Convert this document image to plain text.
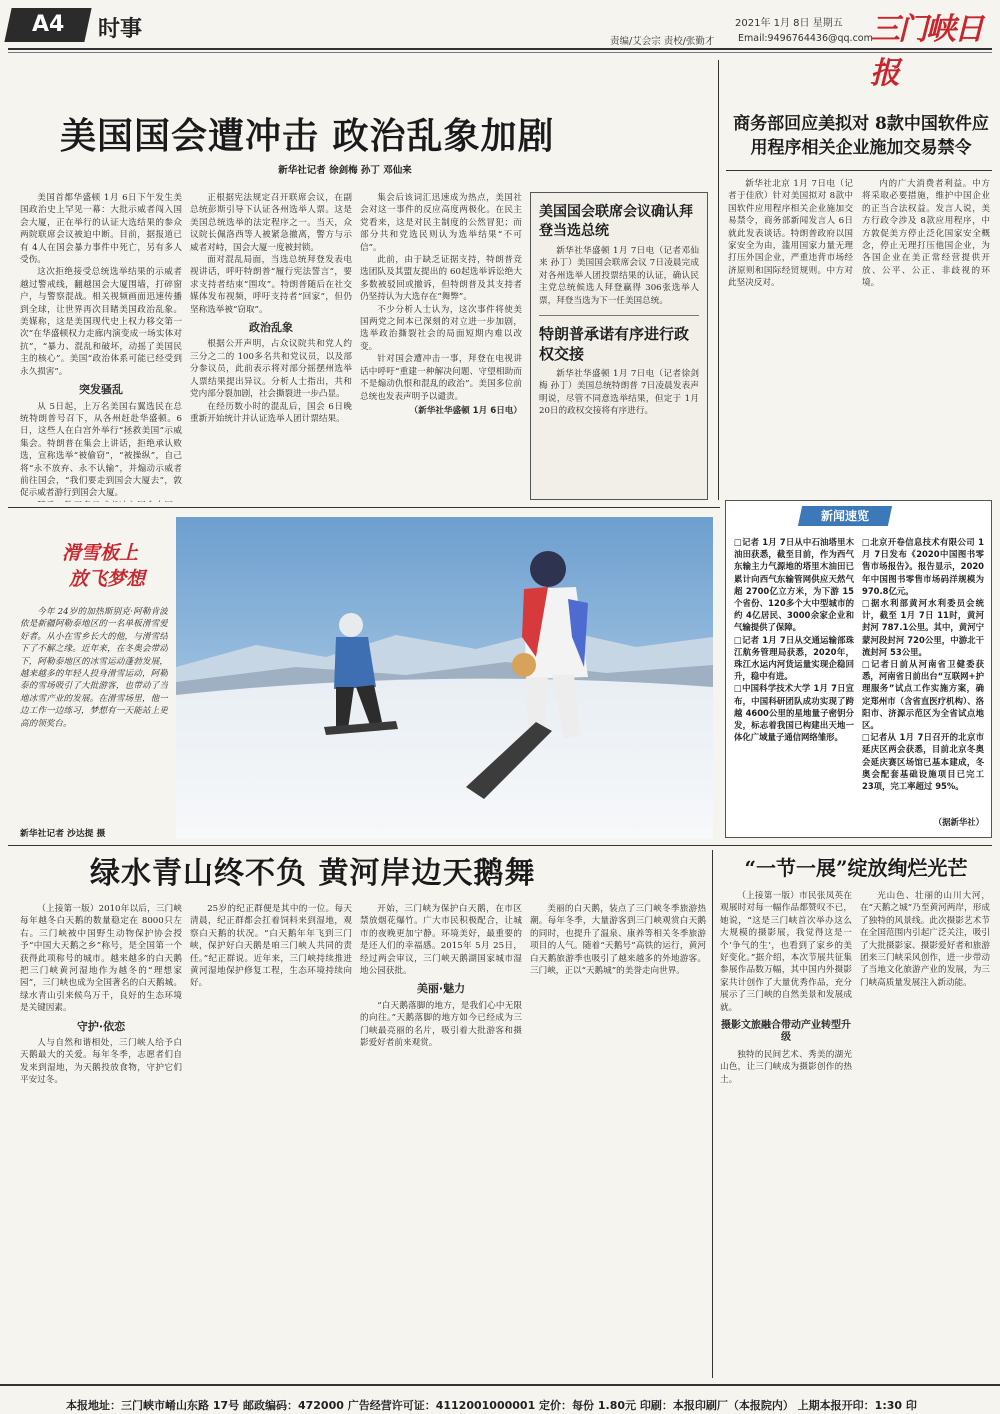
A4	时事	2021年 1月 8日 星期五
责编/艾会宗 责校/张勤才 Email:9496764436@qq.com
三门峡日报
美国国会遭冲击 政治乱象加剧
新华社记者 徐剑梅 孙丁 邓仙来

美国首都华盛顿 1月 6日下午发生美国政治史上罕见一幕：大批示威者闯入国会大厦，正在举行的认证大选结果的参众两院联席会议被迫中断。目前，据报道已有 4人在国会暴力事件中死亡，另有多人受伤。

这次拒绝接受总统选举结果的示威者越过警戒线，翻越国会大厦围墙，打碎窗户，与警察混战。相关视频画面迅速传播到全球，让世界再次目睹美国政治乱象。美媒称，这是美国现代史上权力移交第一次“在华盛顿权力走廊内演变成一场实体对抗”，“暴力、混乱和破坏，动摇了美国民主的核心”。美国“政治体系可能已经受到永久损害”。

突发骚乱

从 5日起，上万名美国右翼选民在总统特朗普号召下，从各州赶赴华盛顿。6日，这些人在白宫外举行“拯救美国”示威集会。特朗普在集会上讲话，拒绝承认败选，宣称选举“被偷窃”，“被操纵”，自己将“永不放弃、永不认输”，并煽动示威者前往国会，“我们要走到国会大厦去”，敦促示威者游行到国会大厦。

正根据宪法规定召开联席会议，在副总统彭斯引导下认证各州选举人票。这是美国总统选举的法定程序之一。当天，众议院长佩洛西等人被紧急撤离，警方与示威者对峙，国会大厦一度被封锁。

面对混乱局面，当选总统拜登发表电视讲话，呼吁特朗普“履行宪法誓言”，要求支持者结束“围攻”。特朗普随后在社交媒体发布视频，呼吁支持者“回家”，但仍坚称选举被“窃取”。

政治乱象

根据公开声明，占众议院共和党人约三分之二的 100多名共和党议员，以及部分参议员，此前表示将对部分摇摆州选举人票结果提出异议。分析人士指出，共和党内部分裂加剧，社会撕裂进一步凸显。

在经历数小时的混乱后，国会 6日晚重新开始统计并认证选举人团计票结果。

集会后该词汇迅速成为热点，美国社会对这一事件的反应高度两极化。在民主党看来，这是对民主制度的公然冒犯；而部分共和党选民则认为选举结果“不可信”。

此前，由于缺乏证据支持，特朗普竞选团队及其盟友提出的 60起选举诉讼绝大多数被驳回或撤诉，但特朗普及其支持者仍坚持认为大选存在“舞弊”。

不少分析人士认为，这次事件将使美国两党之间本已深刻的对立进一步加剧，选举政治撕裂社会的局面短期内难以改变。

针对国会遭冲击一事，拜登在电视讲话中呼吁“重建一种解决问题、守望相助而不是煽动仇恨和混乱的政治”。美国多位前总统也发表声明予以谴责。

（新华社华盛顿 1月 6日电）
美国国会联席会议确认拜登当选总统
新华社华盛顿 1月 7日电（记者邓仙来 孙丁）美国国会联席会议 7日凌晨完成对各州选举人团投票结果的认证，确认民主党总统候选人拜登赢得 306张选举人票，拜登当选为下一任美国总统。
特朗普承诺有序进行政权交接
新华社华盛顿 1月 7日电（记者徐剑梅 孙丁）美国总统特朗普 7日凌晨发表声明说，尽管不同意选举结果，但定于 1月 20日的政权交接将有序进行。
商务部回应美拟对 8款中国软件应用程序相关企业施加交易禁令
新华社北京 1月 7日电（记者于佳欣）针对美国拟对 8款中国软件应用程序相关企业施加交易禁令，商务部新闻发言人 6日就此发表谈话。特朗普政府以国家安全为由，滥用国家力量无理打压外国企业，严重违背市场经济原则和国际经贸规则。中方对此坚决反对。
内的广大消费者利益。中方将采取必要措施，维护中国企业的正当合法权益。发言人说，美方行政令涉及 8款应用程序，中方敦促美方停止泛化国家安全概念，停止无理打压他国企业，为各国企业在美正常经营提供开放、公平、公正、非歧视的环境。
滑雪板上
放飞梦想
今年 24岁的加热斯别克·阿勒肯波依是新疆阿勒泰地区的一名单板滑雪爱好者。从小在雪乡长大的他，与滑雪结下了不解之缘。近年来，在冬奥会带动下，阿勒泰地区的冰雪运动蓬勃发展，越来越多的年轻人投身滑雪运动，阿勒泰的雪场吸引了大批游客，也带动了当地冰雪产业的发展。在滑雪场里，他一边工作一边练习，梦想有一天能站上更高的领奖台。
新华社记者 沙达提 摄
新闻速览
□记者 1月 7日从中石油塔里木油田获悉，截至目前，作为西气东输主力气源地的塔里木油田已累计向西气东输管网供应天然气超 2700亿立方米，为下游 15个省份、120多个大中型城市的约 4亿居民、3000余家企业和气输提供了保障。
□记者 1月 7日从交通运输部珠江航务管理局获悉，2020年，珠江水运内河货运量实现企稳回升，稳中有进。
□中国科学技术大学 1月 7日宣布，中国科研团队成功实现了跨越 4600公里的星地量子密钥分发，标志着我国已构建出天地一体化广域量子通信网络雏形。
□北京开卷信息技术有限公司 1月 7日发布《2020中国图书零售市场报告》。报告显示，2020年中国图书零售市场码洋规模为 970.8亿元。
□据水利部黄河水利委员会统计，截至 1月 7日 11时，黄河封河 787.1公里。其中，黄河宁蒙河段封河 720公里，中游北干流封河 53公里。
□记者日前从河南省卫健委获悉，河南省日前出台“互联网+护理服务”试点工作实施方案，确定郑州市（含省直医疗机构）、洛阳市、济源示范区为全省试点地区。
□记者从 1月 7日召开的北京市延庆区两会获悉，目前北京冬奥会延庆赛区场馆已基本建成，冬奥会配套基础设施项目已完工 23项，完工率超过 95%。
（据新华社）
绿水青山终不负 黄河岸边天鹅舞

（上接第一版）2010年以后，三门峡每年越冬白天鹅的数量稳定在 8000只左右。三门峡被中国野生动物保护协会授予“中国大天鹅之乡”称号，是全国第一个获得此项称号的城市。越来越多的白天鹅把三门峡黄河湿地作为越冬的“理想家园”，三门峡也成为全国著名的白天鹅城。绿水青山引来候鸟万千，良好的生态环境是关键因素。

守护·依恋

人与自然和谐相处，三门峡人给予白天鹅最大的关爱。每年冬季，志愿者们自发来到湿地，为天鹅投放食物，守护它们平安过冬。

25岁的纪正群便是其中的一位。每天清晨，纪正群都会扛着饲料来到湿地，观察白天鹅的状况。“白天鹅年年飞到三门峡，保护好白天鹅是咱三门峡人共同的责任。”纪正群说。近年来，三门峡持续推进黄河湿地保护修复工程，生态环境持续向好。

开始，三门峡为保护白天鹅，在市区禁放烟花爆竹。广大市民积极配合，让城市的夜晚更加宁静。环境美好，最重要的是还人们的幸福感。2015年 5月 25日，经过两会审议，三门峡天鹅湖国家城市湿地公园获批。

美丽·魅力

“白天鹅落脚的地方，是我们心中无限的向往。”天鹅落脚的地方如今已经成为三门峡最亮丽的名片，吸引着大批游客和摄影爱好者前来观赏。

美丽的白天鹅，装点了三门峡冬季旅游热潮。每年冬季，大量游客到三门峡观赏白天鹅的同时，也提升了温泉、康养等相关冬季旅游项目的人气。随着“天鹅号”高铁的运行，黄河白天鹅旅游季也吸引了越来越多的外地游客。三门峡，正以“天鹅城”的美誉走向世界。

“一节一展”绽放绚烂光芒

（上接第一版）市民张凤英在观展时对每一幅作品都赞叹不已，她说，“这是三门峡首次举办这么大规模的摄影展，我觉得这是一个‘争气的生’，也看到了家乡的美好变化。”据介绍，本次节展共征集参展作品数万幅，其中国内外摄影家共计创作了大量优秀作品，充分展示了三门峡的自然美景和发展成就。

摄影文旅融合带动产业转型升级

独特的民间艺术、秀美的湖光山色，让三门峡成为摄影创作的热土。

光山色、壮丽的山川大河，在“天鹅之城”乃至黄河两岸，形成了独特的风景线。此次摄影艺术节在全国范围内引起广泛关注，吸引了大批摄影家、摄影爱好者和旅游团来三门峡采风创作，进一步带动了当地文化旅游产业的发展，为三门峡高质量发展注入新动能。

本报地址：三门峡市崤山东路 17号 邮政编码：472000 广告经营许可证：4112001000001 定价：每份 1.80元 印刷：本报印刷厂（本报院内） 上期本报开印：1:30 印
